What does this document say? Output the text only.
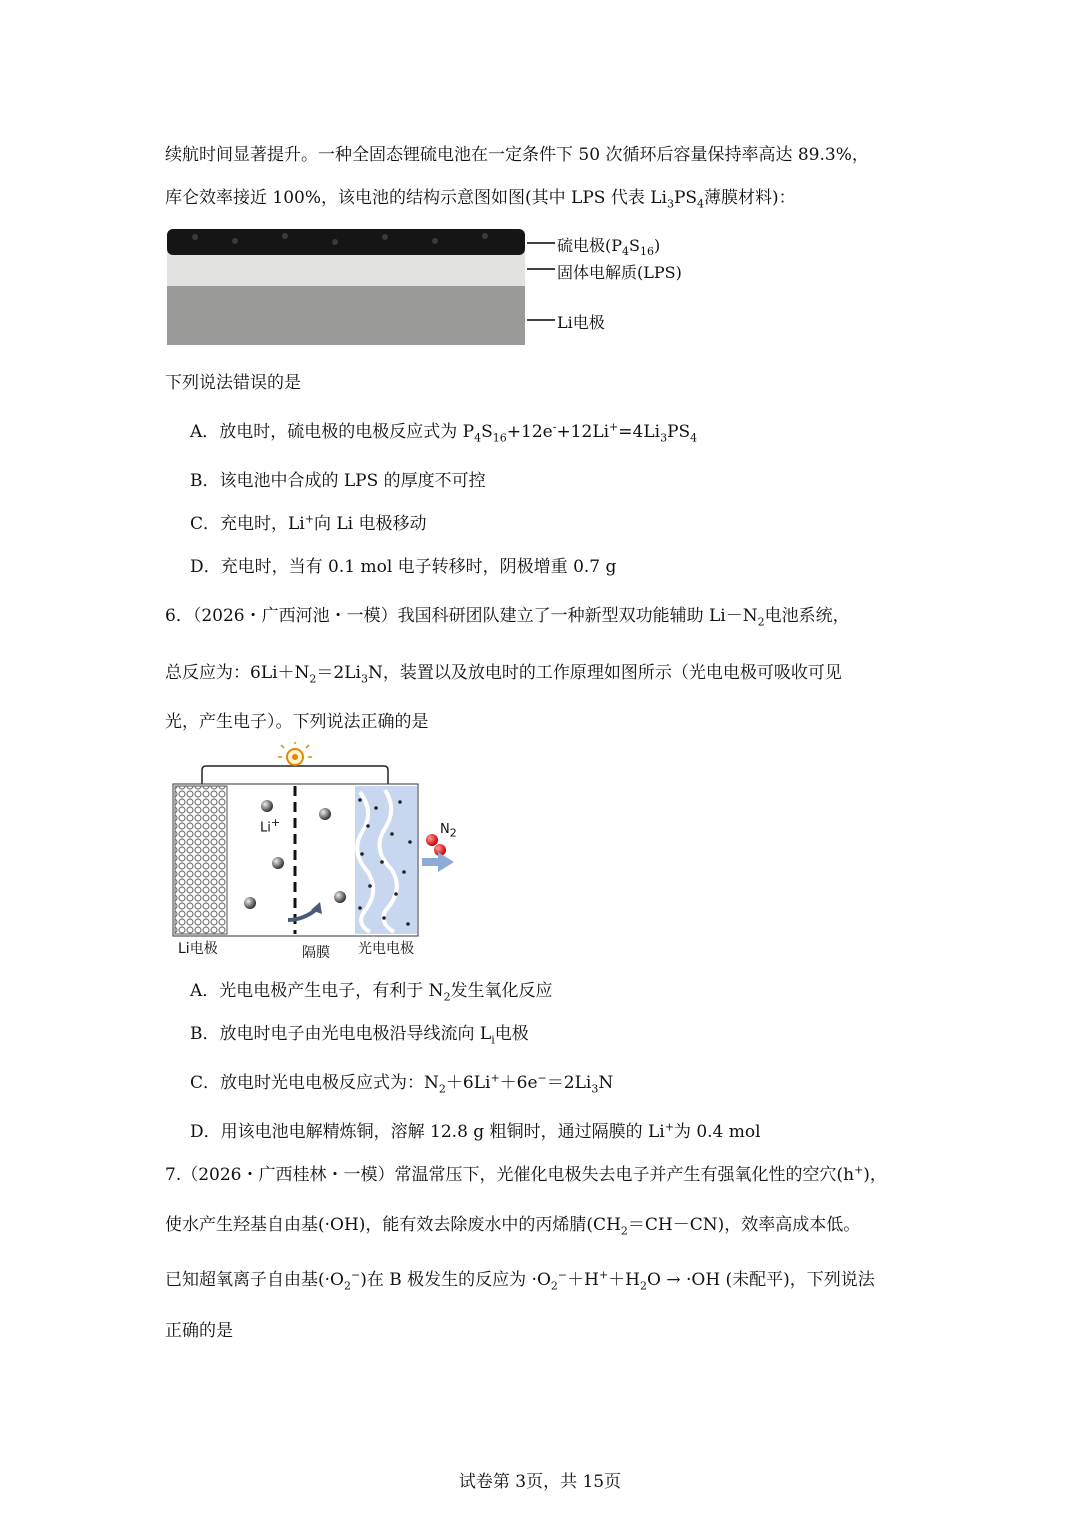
续航时间显著提升。一种全固态锂硫电池在一定条件下 50 次循环后容量保持率高达 89.3%，
库仑效率接近 100%，该电池的结构示意图如图(其中 LPS 代表 $Li_3PS_4$薄膜材料)：
硫电极$(P_4S_{16})$
固体电解质(LPS)
Li电极
下列说法错误的是
A．放电时，硫电极的电极反应式为 $P_4S_{16}+12e^-+12Li^+=4Li_3PS_4$
B．该电池中合成的 LPS 的厚度不可控
C．充电时，Li+向 Li 电极移动
D．充电时，当有 0.1 mol 电子转移时，阴极增重 0.7 g
6．（2026・广西河池・一模）我国科研团队建立了一种新型双功能辅助 $Li-N_2$电池系统，
总反应为：$6Li+N_2=2Li_3N$，装置以及放电时的工作原理如图所示（光电电极可吸收可见
光，产生电子）。下列说法正确的是
Li+	$N_2$
Li电极	隔膜 光电电极
A．光电电极产生电子，有利于 $N_2$发生氧化反应
B．放电时电子由光电电极沿导线流向 $L_i$电极
C．放电时光电电极反应式为：$N_2+6Li^++6e^-=2Li_3N$
D．用该电池电解精炼铜，溶解 12.8 g 粗铜时，通过隔膜的 Li+为 0.4 mol
7.（2026・广西桂林・一模）常温常压下，光催化电极失去电子并产生有强氧化性的空穴(h+)，
使水产生羟基自由基(·OH)，能有效去除废水中的丙烯腈$(CH_2=CH-CN)$，效率高成本低。
已知超氧离子自由基$(\cdot O_2^-)$在 B 极发生的反应为 $\cdot O_2^-+H^++H_2O \to \cdot OH$ (未配平)，下列说法
正确的是
试卷第 3页，共 15页
